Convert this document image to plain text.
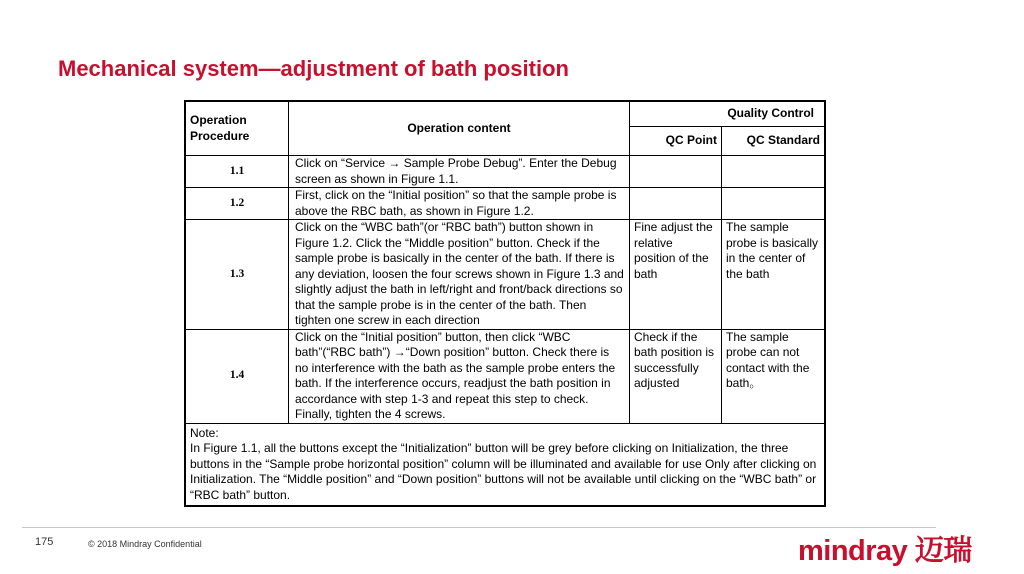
Mechanical system—adjustment of bath position
Operation Procedure	Operation content	Quality Control	
		QC Point	QC Standard
1.1	Click on “Service → Sample Probe Debug”. Enter the Debug screen as shown in Figure 1.1.		
1.2	First, click on the “Initial position” so that the sample probe is above the RBC bath, as shown in Figure 1.2.		
1.3	Click on the “WBC bath”(or “RBC bath”) button shown in Figure 1.2. Click the “Middle position” button. Check if the sample probe is basically in the center of the bath. If there is any deviation, loosen the four screws shown in Figure 1.3 and slightly adjust the bath in left/right and front/back directions so that the sample probe is in the center of the bath. Then tighten one screw in each direction	Fine adjust the relative position of the bath	The sample probe is basically in the center of the bath
1.4	Click on the “Initial position” button, then click “WBC bath”(“RBC bath”) →“Down position” button. Check there is no interference with the bath as the sample probe enters the bath. If the interference occurs, readjust the bath position in accordance with step 1-3 and repeat this step to check. Finally, tighten the 4 screws.	Check if the bath position is successfully adjusted	The sample probe can not contact with the bath。

Note:
In Figure 1.1, all the buttons except the “Initialization” button will be grey before clicking on Initialization, the three buttons in the “Sample probe horizontal position” column will be illuminated and available for use Only after clicking on Initialization. The “Middle position” and “Down position” buttons will not be available until clicking on the “WBC bath” or “RBC bath” button.			
175	© 2018 Mindray Confidential	mindray 迈瑞
